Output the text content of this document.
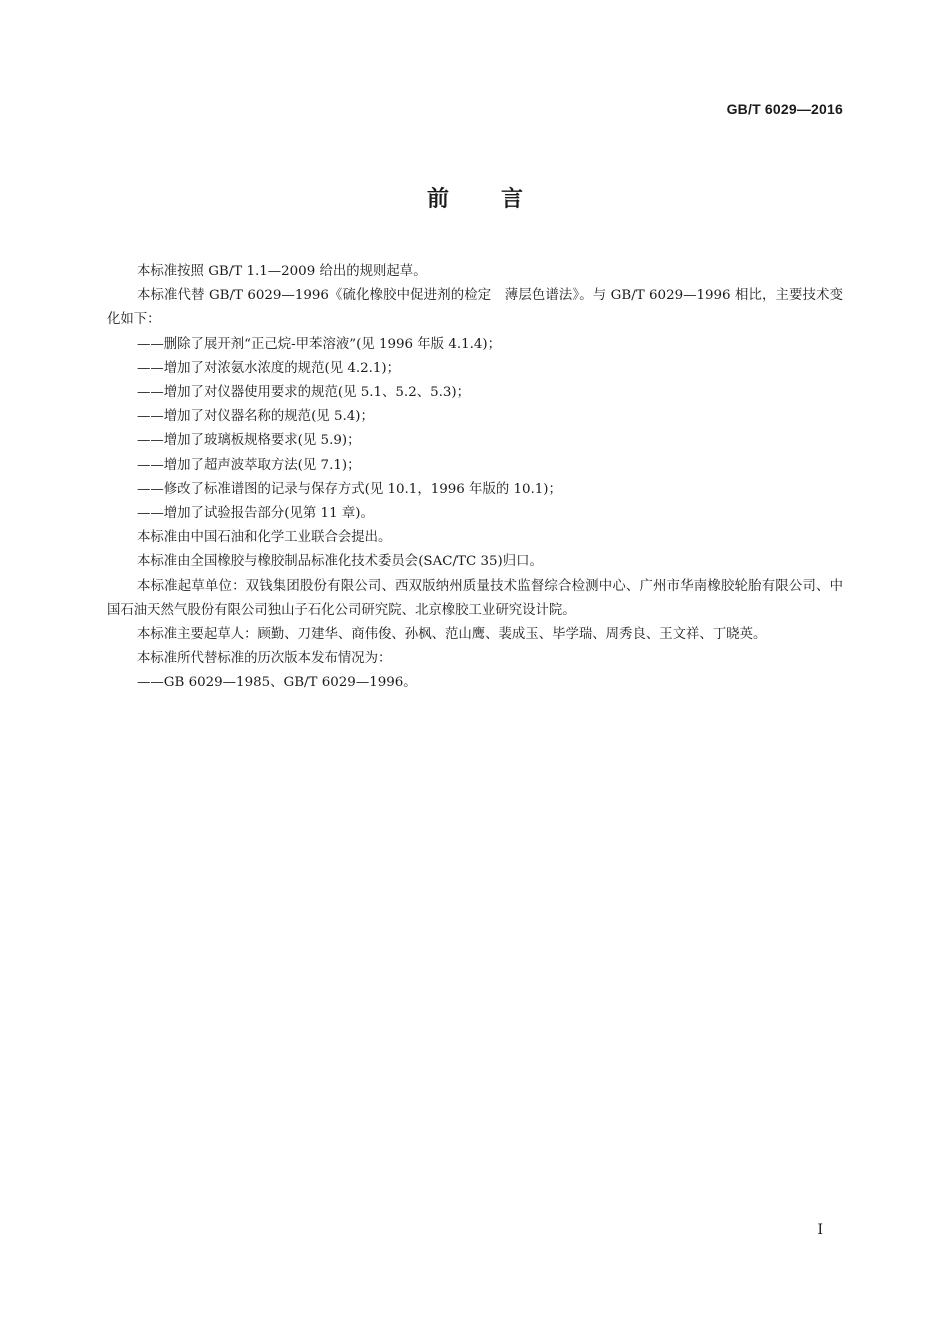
GB/T 6029—2016
前言

本标准按照 GB/T 1.1—2009 给出的规则起草。

本标准代替 GB/T 6029—1996《硫化橡胶中促进剂的检定　薄层色谱法》。与 GB/T 6029—1996 相比，主要技术变化如下：

——删除了展开剂“正己烷-甲苯溶液”(见 1996 年版 4.1.4)；

——增加了对浓氨水浓度的规范(见 4.2.1)；

——增加了对仪器使用要求的规范(见 5.1、5.2、5.3)；

——增加了对仪器名称的规范(见 5.4)；

——增加了玻璃板规格要求(见 5.9)；

——增加了超声波萃取方法(见 7.1)；

——修改了标准谱图的记录与保存方式(见 10.1，1996 年版的 10.1)；

——增加了试验报告部分(见第 11 章)。

本标准由中国石油和化学工业联合会提出。

本标准由全国橡胶与橡胶制品标准化技术委员会(SAC/TC 35)归口。

本标准起草单位：双钱集团股份有限公司、西双版纳州质量技术监督综合检测中心、广州市华南橡胶轮胎有限公司、中国石油天然气股份有限公司独山子石化公司研究院、北京橡胶工业研究设计院。

本标准主要起草人：顾勤、刀建华、商伟俊、孙枫、范山鹰、裴成玉、毕学瑞、周秀良、王文祥、丁晓英。

本标准所代替标准的历次版本发布情况为：

——GB 6029—1985、GB/T 6029—1996。

I
